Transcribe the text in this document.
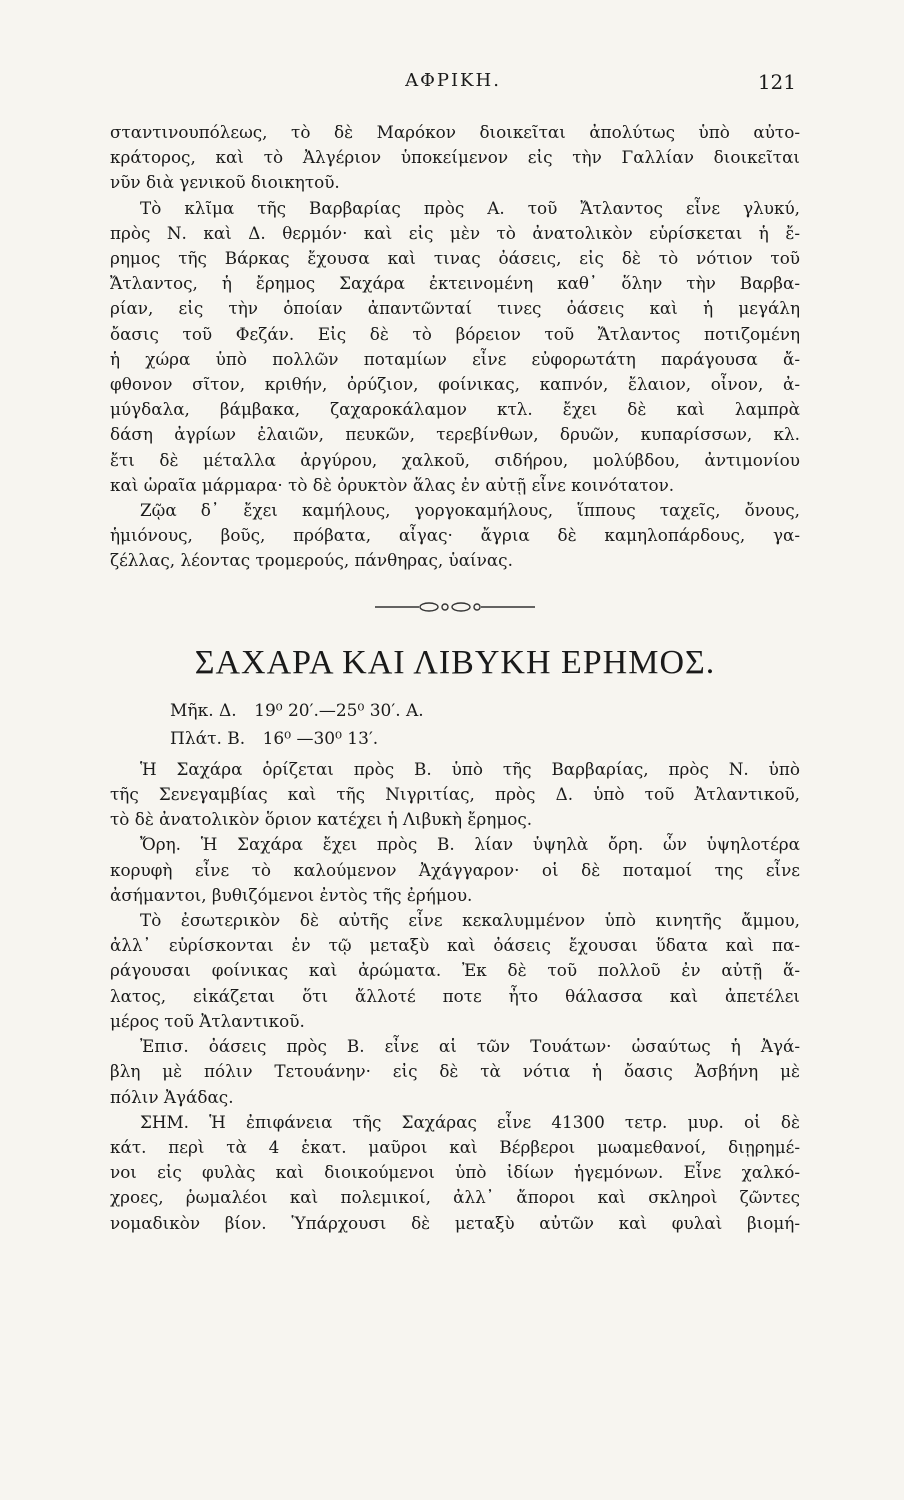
ΑΦΡΙΚΗ.	121
σταντινουπόλεως, τὸ δὲ Μαρόκον διοικεῖται ἀπολύτως ὑπὸ αὐτο-
κράτορος, καὶ τὸ Ἀλγέριον ὑποκείμενον εἰς τὴν Γαλλίαν διοικεῖται
νῦν διὰ γενικοῦ διοικητοῦ.
Τὸ κλῖμα τῆς Βαρβαρίας πρὸς Α. τοῦ Ἄτλαντος εἶνε γλυκύ,
πρὸς Ν. καὶ Δ. θερμόν· καὶ εἰς μὲν τὸ ἀνατολικὸν εὑρίσκεται ἡ ἔ-
ρημος τῆς Βάρκας ἔχουσα καὶ τινας ὀάσεις, εἰς δὲ τὸ νότιον τοῦ
Ἄτλαντος, ἡ ἔρημος Σαχάρα ἐκτεινομένη καθ᾽ ὅλην τὴν Βαρβα-
ρίαν, εἰς τὴν ὁποίαν ἀπαντῶνταί τινες ὀάσεις καὶ ἡ μεγάλη
ὄασις τοῦ Φεζάν. Εἰς δὲ τὸ βόρειον τοῦ Ἄτλαντος ποτιζομένη
ἡ χώρα ὑπὸ πολλῶν ποταμίων εἶνε εὐφορωτάτη παράγουσα ἄ-
φθονον σῖτον, κριθήν, ὀρύζιον, φοίνικας, καπνόν, ἔλαιον, οἶνον, ἀ-
μύγδαλα, βάμβακα, ζαχαροκάλαμον κτλ. ἔχει δὲ καὶ λαμπρὰ
δάση ἀγρίων ἐλαιῶν, πευκῶν, τερεβίνθων, δρυῶν, κυπαρίσσων, κλ.
ἔτι δὲ μέταλλα ἀργύρου, χαλκοῦ, σιδήρου, μολύβδου, ἀντιμονίου
καὶ ὡραῖα μάρμαρα· τὸ δὲ ὀρυκτὸν ἅλας ἐν αὐτῇ εἶνε κοινότατον.
Ζῷα δ᾽ ἔχει καμήλους, γοργοκαμήλους, ἵππους ταχεῖς, ὄνους,
ἡμιόνους, βοῦς, πρόβατα, αἶγας· ἄγρια δὲ καμηλοπάρδους, γα-
ζέλλας, λέοντας τρομερούς, πάνθηρας, ὑαίνας.
ΣΑΧΑΡΑ ΚΑΙ ΛΙΒΥΚΗ ΕΡΗΜΟΣ.
Μῆκ. Δ. 19⁰ 20′.—25⁰ 30′. Α.
Πλάτ. Β. 16⁰ —30⁰ 13′.
Ἡ Σαχάρα ὁρίζεται πρὸς Β. ὑπὸ τῆς Βαρβαρίας, πρὸς Ν. ὑπὸ
τῆς Σενεγαμβίας καὶ τῆς Νιγριτίας, πρὸς Δ. ὑπὸ τοῦ Ἀτλαντικοῦ,
τὸ δὲ ἀνατολικὸν ὅριον κατέχει ἡ Λιβυκὴ ἔρημος.
Ὄρη. Ἡ Σαχάρα ἔχει πρὸς Β. λίαν ὑψηλὰ ὄρη. ὧν ὑψηλοτέρα
κορυφὴ εἶνε τὸ καλούμενον Ἀχάγγαρον· οἱ δὲ ποταμοί της εἶνε
ἀσήμαντοι, βυθιζόμενοι ἐντὸς τῆς ἐρήμου.
Τὸ ἐσωτερικὸν δὲ αὐτῆς εἶνε κεκαλυμμένον ὑπὸ κινητῆς ἄμμου,
ἀλλ᾽ εὑρίσκονται ἐν τῷ μεταξὺ καὶ ὀάσεις ἔχουσαι ὕδατα καὶ πα-
ράγουσαι φοίνικας καὶ ἀρώματα. Ἐκ δὲ τοῦ πολλοῦ ἐν αὐτῇ ἅ-
λατος, εἰκάζεται ὅτι ἄλλοτέ ποτε ἦτο θάλασσα καὶ ἀπετέλει
μέρος τοῦ Ἀτλαντικοῦ.
Ἐπισ. ὀάσεις πρὸς Β. εἶνε αἱ τῶν Τουάτων· ὡσαύτως ἡ Ἀγά-
βλη μὲ πόλιν Τετουάνην· εἰς δὲ τὰ νότια ἡ ὄασις Ἀσβήνη μὲ
πόλιν Ἀγάδας.
ΣΗΜ. Ἡ ἐπιφάνεια τῆς Σαχάρας εἶνε 41300 τετρ. μυρ. οἱ δὲ
κάτ. περὶ τὰ 4 ἑκατ. μαῦροι καὶ Βέρβεροι μωαμεθανοί, διῃρημέ-
νοι εἰς φυλὰς καὶ διοικούμενοι ὑπὸ ἰδίων ἡγεμόνων. Εἶνε χαλκό-
χροες, ῥωμαλέοι καὶ πολεμικοί, ἀλλ᾽ ἄποροι καὶ σκληροὶ ζῶντες
νομαδικὸν βίον. Ὑπάρχουσι δὲ μεταξὺ αὐτῶν καὶ φυλαὶ βιομή-
